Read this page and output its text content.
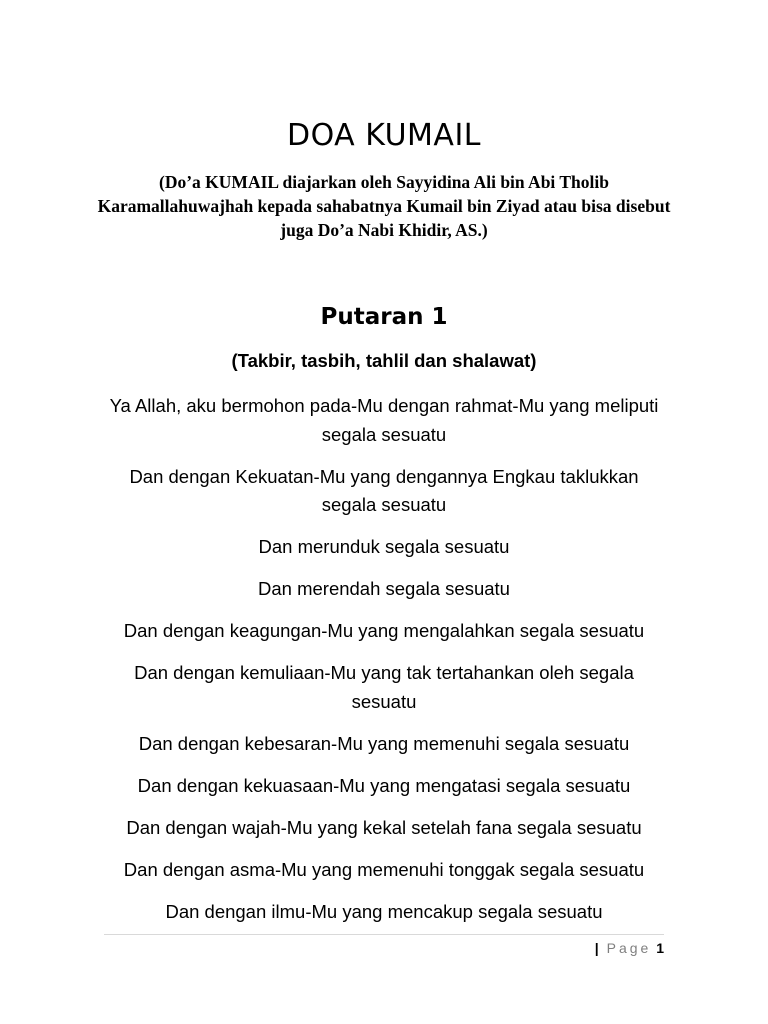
DOA KUMAIL

(Do’a KUMAIL diajarkan oleh Sayyidina Ali bin Abi Tholib Karamallahuwajhah kepada sahabatnya Kumail bin Ziyad atau bisa disebut juga Do’a Nabi Khidir, AS.)

Putaran 1

(Takbir, tasbih, tahlil dan shalawat)

Ya Allah, aku bermohon pada-Mu dengan rahmat-Mu yang meliputi segala sesuatu
Dan dengan Kekuatan-Mu yang dengannya Engkau taklukkan segala sesuatu
Dan merunduk segala sesuatu
Dan merendah segala sesuatu
Dan dengan keagungan-Mu yang mengalahkan segala sesuatu
Dan dengan kemuliaan-Mu yang tak tertahankan oleh segala sesuatu
Dan dengan kebesaran-Mu yang memenuhi segala sesuatu
Dan dengan kekuasaan-Mu yang mengatasi segala sesuatu
Dan dengan wajah-Mu yang kekal setelah fana segala sesuatu
Dan dengan asma-Mu yang memenuhi tonggak segala sesuatu
Dan dengan ilmu-Mu yang mencakup segala sesuatu
| Page 1
